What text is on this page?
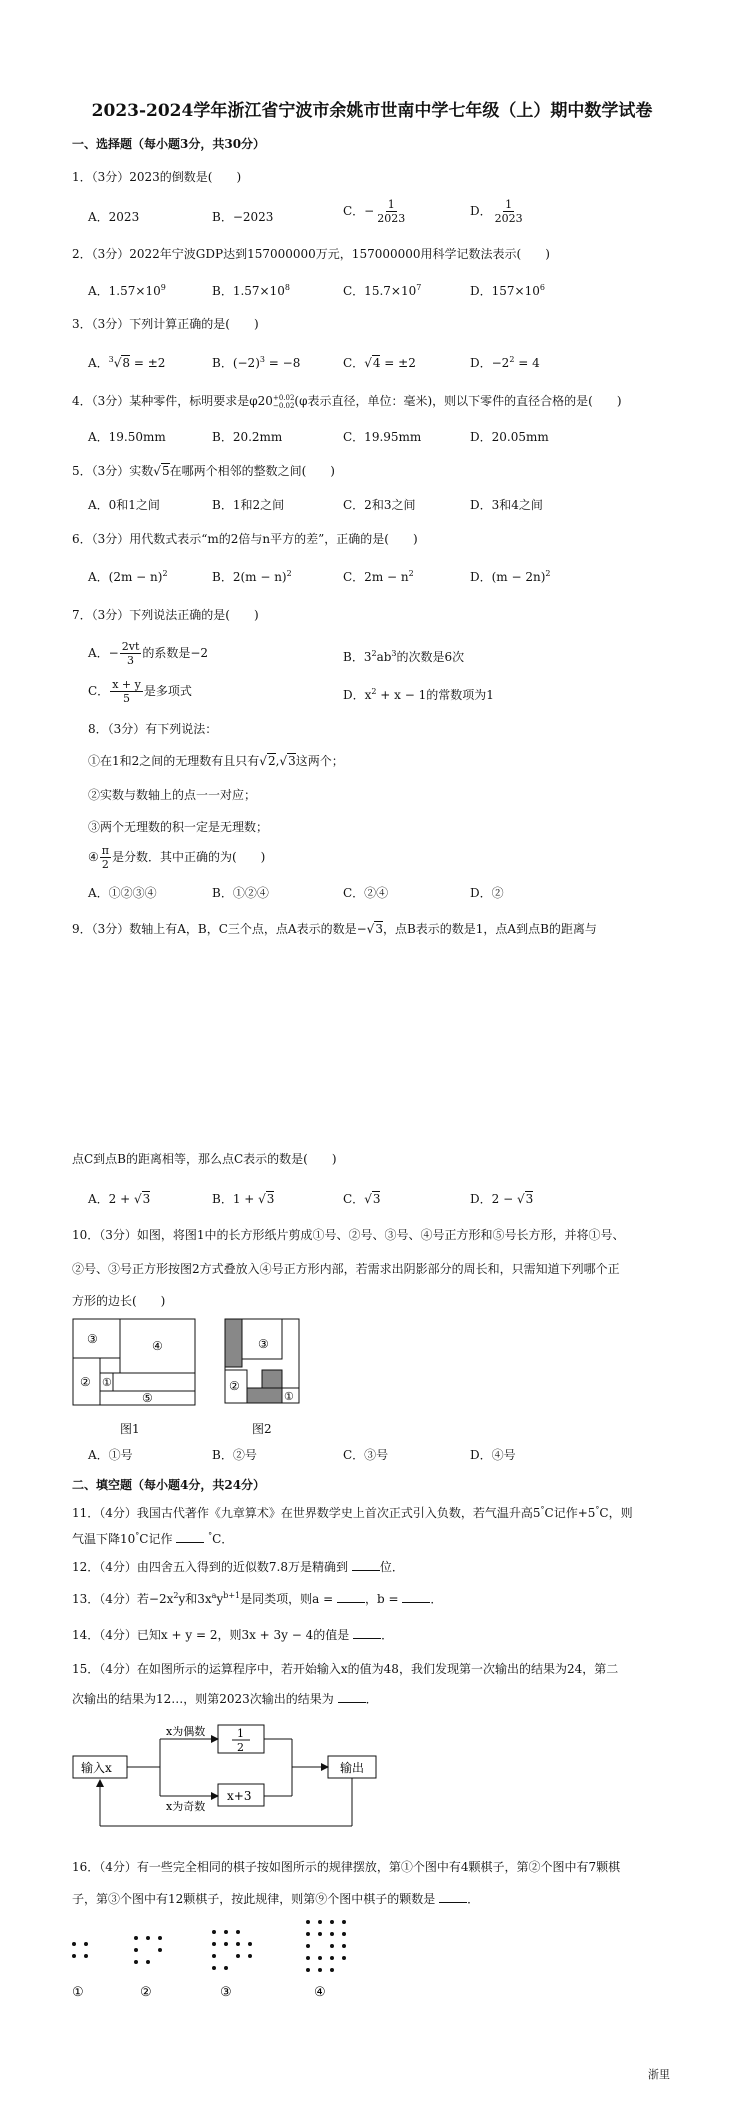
2023-2024学年浙江省宁波市余姚市世南中学七年级（上）期中数学试卷
一、选择题（每小题3分，共30分）
1．（3分）2023的倒数是(　　)
A．2023	B．−2023	C．− $\frac{1}{2023}$	D． $\frac{1}{2023}$
2．（3分）2022年宁波GDP达到157000000万元，157000000用科学记数法表示(　　)
A．$1.57\times 10^9$	B．$1.57\times 10^8$	C．$15.7\times 10^7$	D．$157\times 10^6$
3．（3分）下列计算正确的是(　　)
A．$^3$√8 = ±2	B．$(-2)^3 = -8$	C．√4 = ±2	D．$-2^2 = 4$
4．（3分）某种零件，标明要求是φ20 +0.02
−0.02 (φ表示直径，单位：毫米)，则以下零件的直径合格的是(　　)
A．19.50mm	B．20.2mm	C．19.95mm	D．20.05mm
5．（3分）实数√5在哪两个相邻的整数之间(　　)
A．0和1之间	B．1和2之间	C．2和3之间	D．3和4之间
6．（3分）用代数式表示“m的2倍与n平方的差”，正确的是(　　)
A．$(2m - n)^2$	B．$2(m - n)^2$	C．$2m - n^2$	D．$(m - 2n)^2$
7．（3分）下列说法正确的是(　　)
A．− $\frac{2vt}{3}$ 的系数是−2	B．$3^2ab^3$的次数是6次
C． $\frac{x + y}{5}$ 是多项式	D．$x^2 + x - 1$的常数项为1
8．（3分）有下列说法：
①在1和2之间的无理数有且只有√2,√3这两个；
②实数与数轴上的点一一对应；
③两个无理数的积一定是无理数；
④ $\frac{\pi}{2}$ 是分数．其中正确的为(　　)
A．①②③④	B．①②④	C．②④	D．②
9．（3分）数轴上有A，B，C三个点，点A表示的数是−√3，点B表示的数是1，点A到点B的距离与
点C到点B的距离相等，那么点C表示的数是(　　)
A．2 + √3	B．1 + √3	C．√3	D．2 − √3
10．（3分）如图，将图1中的长方形纸片剪成①号、②号、③号、④号正方形和⑤号长方形，并将①号、
②号、③号正方形按图2方式叠放入④号正方形内部，若需求出阴影部分的周长和，只需知道下列哪个正
方形的边长(　　)
③	④
② ①
⑤
图1
②
③
①
图2
A．①号	B．②号	C．③号	D．④号
二、填空题（每小题4分，共24分）
11．（4分）我国古代著作《九章算术》在世界数学史上首次正式引入负数，若气温升高5°C记作+5°C，则
气温下降10°C记作	°C．
12．（4分）由四舍五入得到的近似数7.8万是精确到	位．
13．（4分）若$-2x^2y$和$3x^ay^{b+1}$是同类项，则a = ，b = ．
14．（4分）已知x + y = 2，则3x + 3y − 4的值是	．
15．（4分）在如图所示的运算程序中，若开始输入x的值为48，我们发现第一次输出的结果为24，第二
次输出的结果为12…，则第2023次输出的结果为	．
输入x
x为偶数
x为奇数
1
2
x+3
输出
16．（4分）有一些完全相同的棋子按如图所示的规律摆放，第①个图中有4颗棋子，第②个图中有7颗棋
子，第③个图中有12颗棋子，按此规律，则第⑨个图中棋子的颗数是	．
①	②	③	④
浙里
